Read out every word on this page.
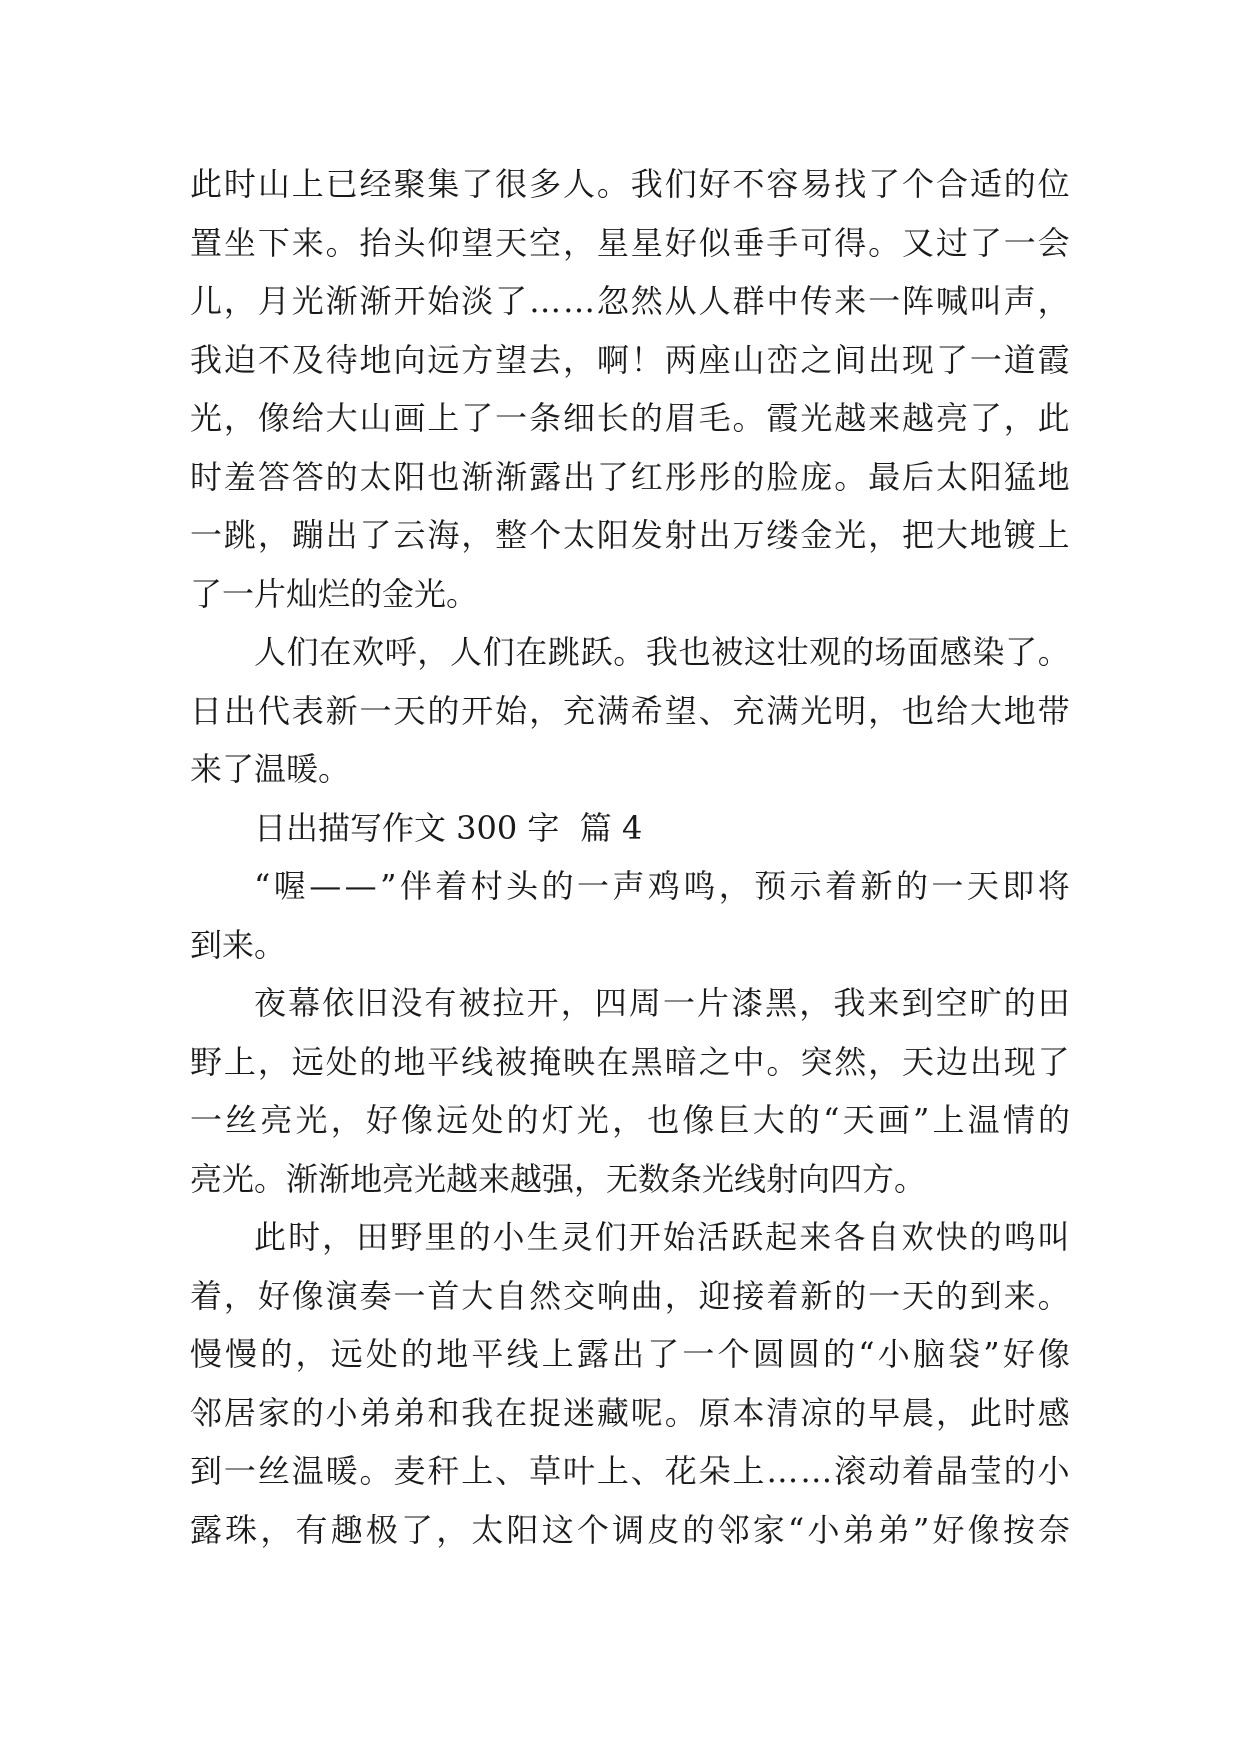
此 时 山 上 已 经 聚 集 了 很 多 人 。 我 们 好 不 容 易 找 了 个 合 适 的 位
置 坐 下 来 。 抬 头 仰 望 天 空 ， 星 星 好 似 垂 手 可 得 。 又 过 了 一 会
儿 ， 月 光 渐 渐 开 始 淡 了 … … 忽 然 从 人 群 中 传 来 一 阵 喊 叫 声 ，
我 迫 不 及 待 地 向 远 方 望 去 ， 啊 ！ 两 座 山 峦 之 间 出 现 了 一 道 霞
光 ， 像 给 大 山 画 上 了 一 条 细 长 的 眉 毛 。 霞 光 越 来 越 亮 了 ， 此
时 羞 答 答 的 太 阳 也 渐 渐 露 出 了 红 彤 彤 的 脸 庞 。 最 后 太 阳 猛 地
一 跳 ， 蹦 出 了 云 海 ， 整 个 太 阳 发 射 出 万 缕 金 光 ， 把 大 地 镀 上
了一片灿烂的金光。
人 们 在 欢 呼 ， 人 们 在 跳 跃 。 我 也 被 这 壮 观 的 场 面 感 染 了 。
日 出 代 表 新 一 天 的 开 始 ， 充 满 希 望 、 充 满 光 明 ， 也 给 大 地 带
来了温暖。
日出描写作文 300 字  篇 4
“ 喔 — — ” 伴 着 村 头 的 一 声 鸡 鸣 ， 预 示 着 新 的 一 天 即 将
到来。
夜 幕 依 旧 没 有 被 拉 开 ， 四 周 一 片 漆 黑 ， 我 来 到 空 旷 的 田
野 上 ， 远 处 的 地 平 线 被 掩 映 在 黑 暗 之 中 。 突 然 ， 天 边 出 现 了
一 丝 亮 光 ， 好 像 远 处 的 灯 光 ， 也 像 巨 大 的 “ 天 画 ” 上 温 情 的
亮光。渐渐地亮光越来越强，无数条光线射向四方。
此 时 ， 田 野 里 的 小 生 灵 们 开 始 活 跃 起 来 各 自 欢 快 的 鸣 叫
着 ， 好 像 演 奏 一 首 大 自 然 交 响 曲 ， 迎 接 着 新 的 一 天 的 到 来 。
慢 慢 的 ， 远 处 的 地 平 线 上 露 出 了 一 个 圆 圆 的 “ 小 脑 袋 ” 好 像
邻 居 家 的 小 弟 弟 和 我 在 捉 迷 藏 呢 。 原 本 清 凉 的 早 晨 ， 此 时 感
到 一 丝 温 暖 。 麦 秆 上 、 草 叶 上 、 花 朵 上 … … 滚 动 着 晶 莹 的 小
露 珠 ， 有 趣 极 了 ， 太 阳 这 个 调 皮 的 邻 家 “ 小 弟 弟 ” 好 像 按 奈
